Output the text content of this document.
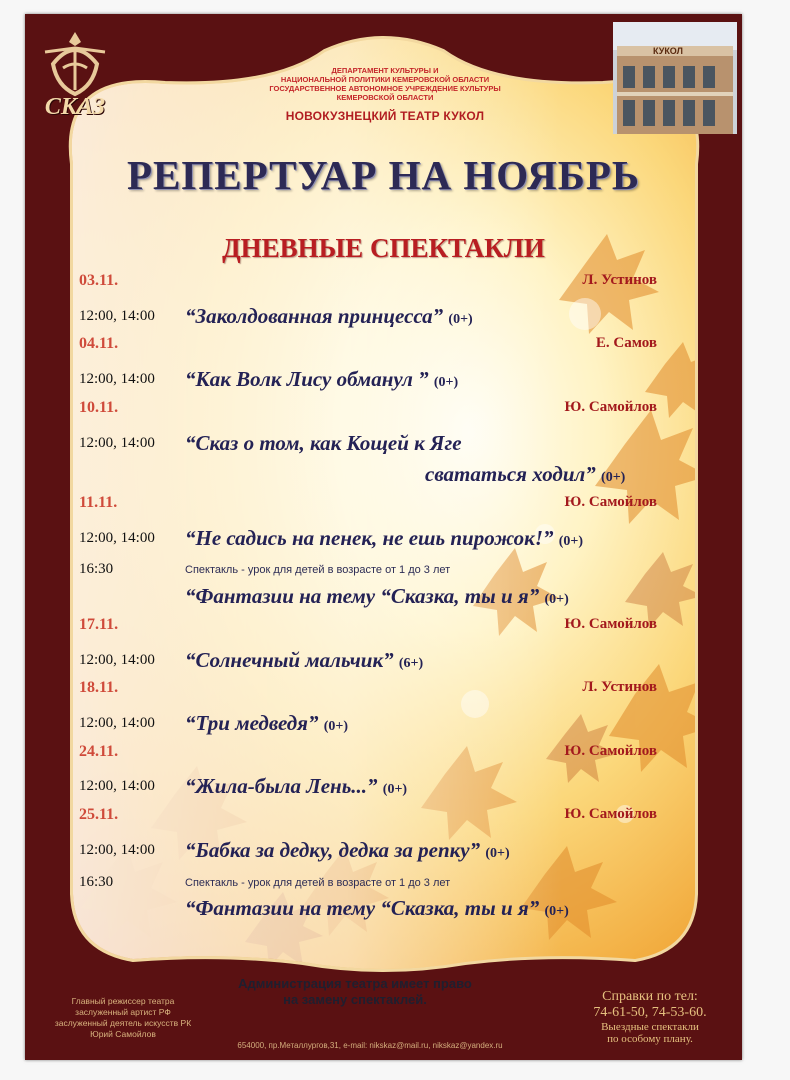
СКАЗ
КУКОЛ
ДЕПАРТАМЕНТ КУЛЬТУРЫ И
НАЦИОНАЛЬНОЙ ПОЛИТИКИ КЕМЕРОВСКОЙ ОБЛАСТИ
ГОСУДАРСТВЕННОЕ АВТОНОМНОЕ УЧРЕЖДЕНИЕ КУЛЬТУРЫ
КЕМЕРОВСКОЙ ОБЛАСТИ
НОВОКУЗНЕЦКИЙ ТЕАТР КУКОЛ
РЕПЕРТУАР НА НОЯБРЬ
ДНЕВНЫЕ СПЕКТАКЛИ
03.11.	Л. Устинов
12:00, 14:00 “Заколдованная принцесса” (0+)
04.11.	Е. Самов
12:00, 14:00 “Как Волк Лису обманул ” (0+)
10.11.	Ю. Самойлов
12:00, 14:00 “Сказ о том, как Кощей к Яге
свататься ходил” (0+)
11.11.	Ю. Самойлов
12:00, 14:00 “Не садись на пенек, не ешь пирожок!” (0+)
16:30	Спектакль - урок для детей в возрасте от 1 до 3 лет
“Фантазии на тему “Сказка, ты и я” (0+)
17.11.	Ю. Самойлов
12:00, 14:00 “Солнечный мальчик” (6+)
18.11.	Л. Устинов
12:00, 14:00 “Три медведя” (0+)
24.11.	Ю. Самойлов
12:00, 14:00 “Жила-была Лень...” (0+)
25.11.	Ю. Самойлов
12:00, 14:00 “Бабка за дедку, дедка за репку” (0+)
16:30	Спектакль - урок для детей в возрасте от 1 до 3 лет
“Фантазии на тему “Сказка, ты и я” (0+)
Администрация театра имеет право
на замену спектаклей.
Главный режиссер театра
заслуженный артист РФ
заслуженный деятель искусств РК
Юрий Самойлов
654000, пр.Металлургов,31, e-mail: nikskaz@mail.ru, nikskaz@yandex.ru
Справки по тел:
74-61-50, 74-53-60.
Выездные спектакли
по особому плану.
